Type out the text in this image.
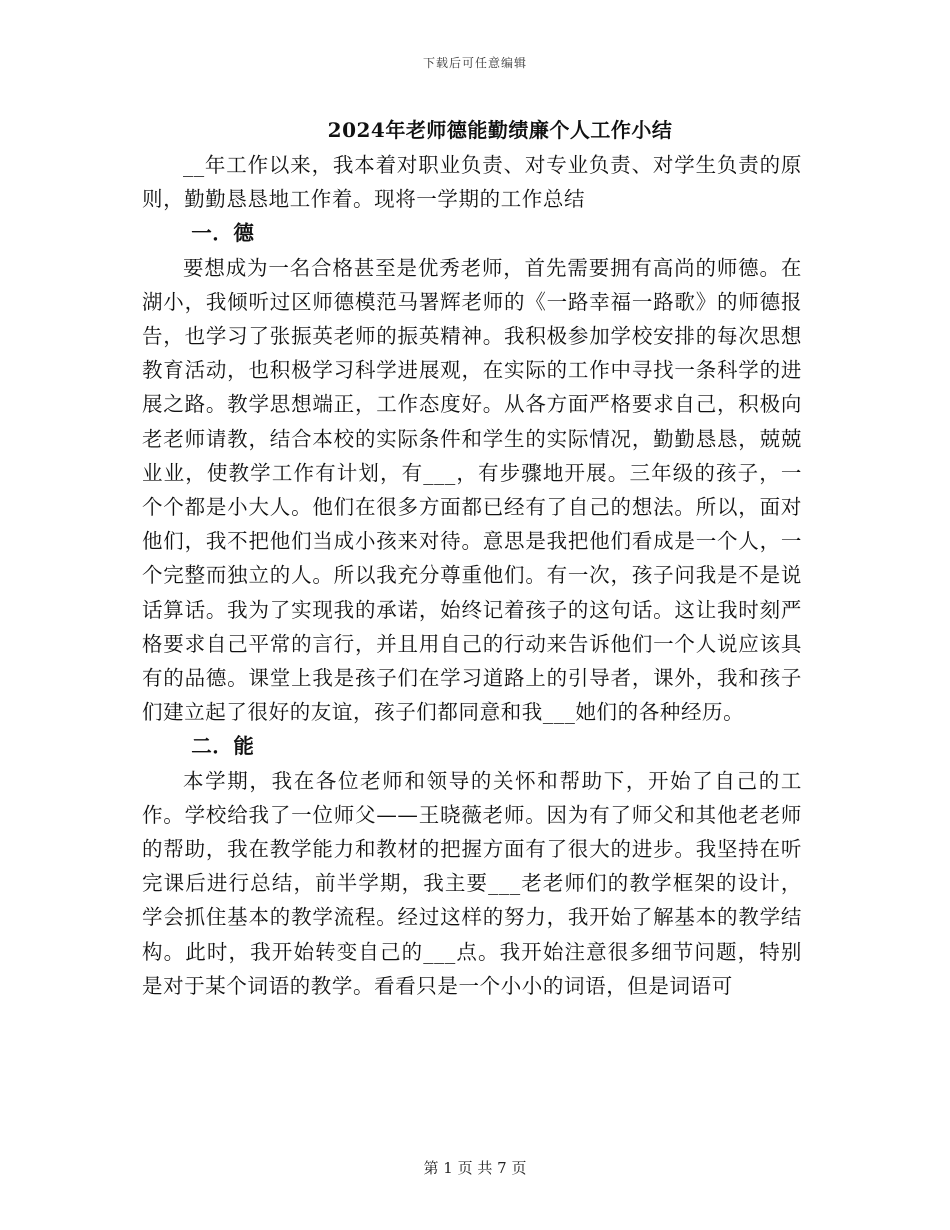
下载后可任意编辑
2024年老师德能勤绩廉个人工作小结

__年工作以来，我本着对职业负责、对专业负责、对学生负责的原则，勤勤恳恳地工作着。现将一学期的工作总结

一．德

要想成为一名合格甚至是优秀老师，首先需要拥有高尚的师德。在湖小，我倾听过区师德模范马署辉老师的《一路幸福一路歌》的师德报告，也学习了张振英老师的振英精神。我积极参加学校安排的每次思想教育活动，也积极学习科学进展观，在实际的工作中寻找一条科学的进展之路。教学思想端正，工作态度好。从各方面严格要求自己，积极向老老师请教，结合本校的实际条件和学生的实际情况，勤勤恳恳，兢兢业业，使教学工作有计划，有___，有步骤地开展。三年级的孩子，一个个都是小大人。他们在很多方面都已经有了自己的想法。所以，面对他们，我不把他们当成小孩来对待。意思是我把他们看成是一个人，一个完整而独立的人。所以我充分尊重他们。有一次，孩子问我是不是说话算话。我为了实现我的承诺，始终记着孩子的这句话。这让我时刻严格要求自己平常的言行，并且用自己的行动来告诉他们一个人说应该具有的品德。课堂上我是孩子们在学习道路上的引导者，课外，我和孩子们建立起了很好的友谊，孩子们都同意和我___她们的各种经历。

二．能

本学期，我在各位老师和领导的关怀和帮助下，开始了自己的工作。学校给我了一位师父——王晓薇老师。因为有了师父和其他老老师的帮助，我在教学能力和教材的把握方面有了很大的进步。我坚持在听完课后进行总结，前半学期，我主要___老老师们的教学框架的设计，学会抓住基本的教学流程。经过这样的努力，我开始了解基本的教学结构。此时，我开始转变自己的___点。我开始注意很多细节问题，特别是对于某个词语的教学。看看只是一个小小的词语，但是词语可

第 1 页 共 7 页
